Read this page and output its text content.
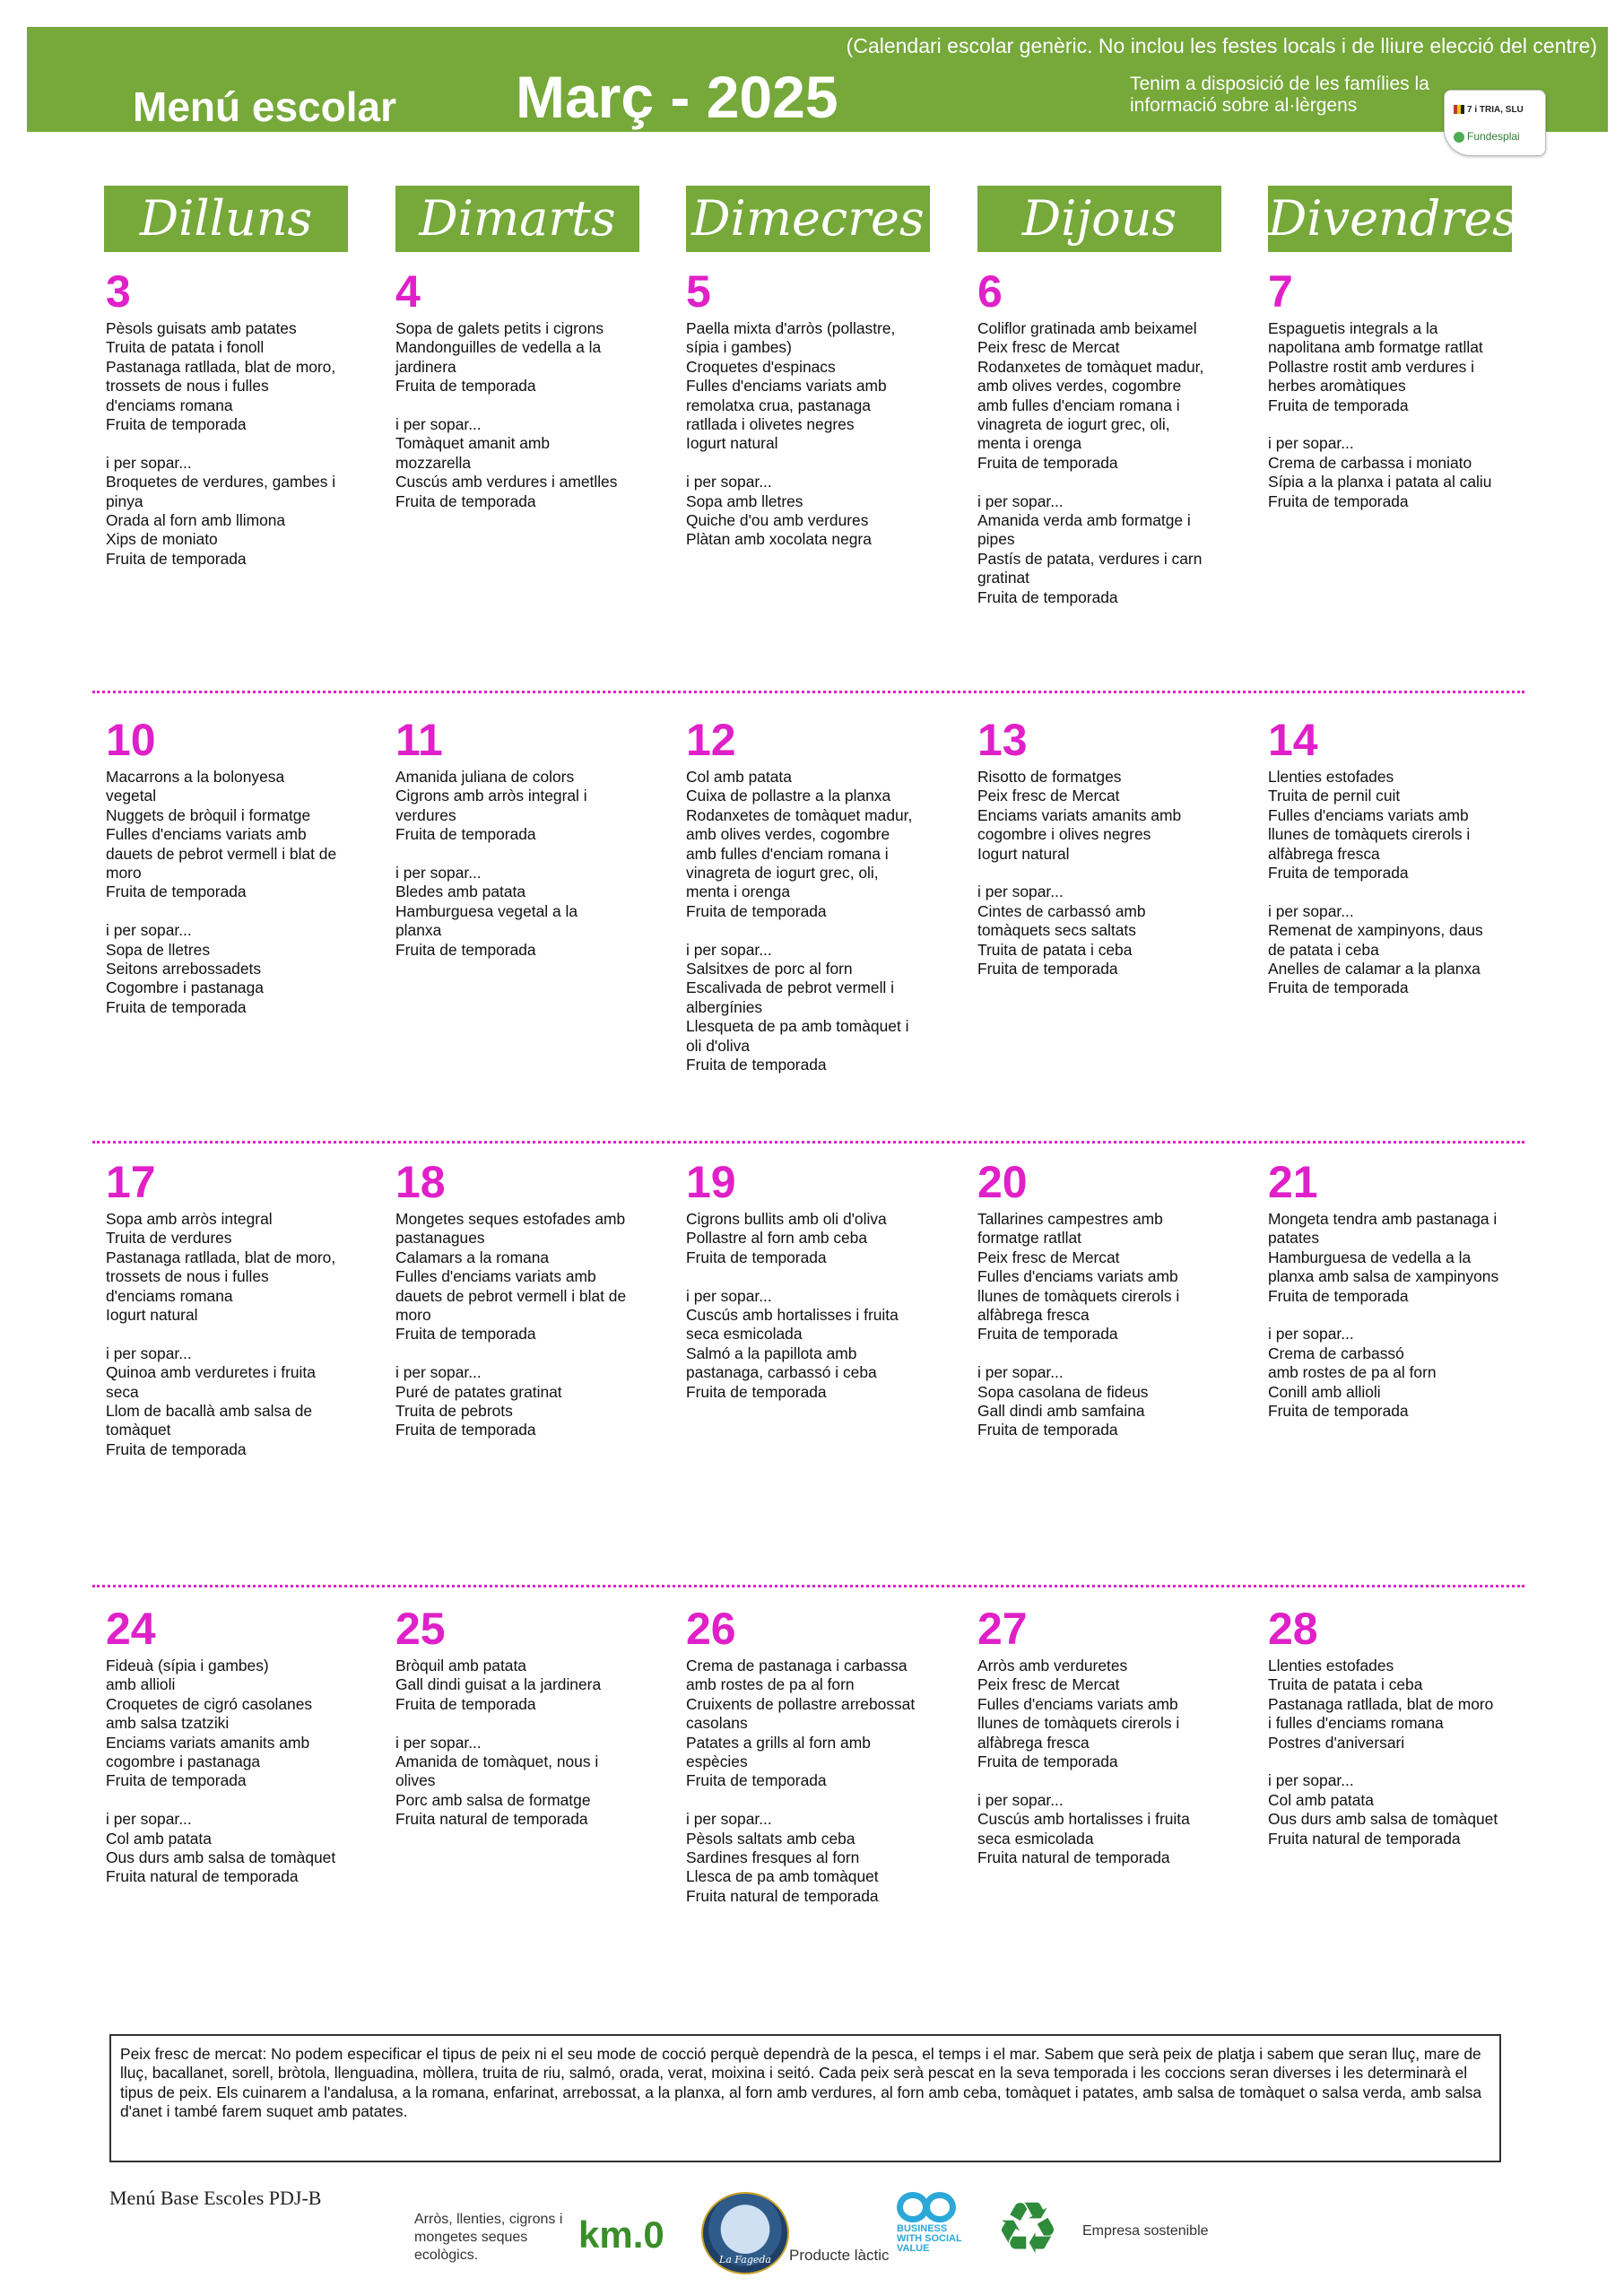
Menú escolar Març - 2025
(Calendari escolar genèric. No inclou les festes locals i de lliure elecció del centre)
Tenim a disposició de les famílies la informació sobre al·lèrgens	7 i TRIA, SLU
Fundesplai
Dilluns	Dimarts	Dimecres	Dijous	Divendres
3
Pèsols guisats amb patates
Truita de patata i fonoll
Pastanaga ratllada, blat de moro,
trossets de nous i fulles
d'enciams romana
Fruita de temporada
i per sopar...
Broquetes de verdures, gambes i
pinya
Orada al forn amb llimona
Xips de moniato
Fruita de temporada
4
Sopa de galets petits i cigrons
Mandonguilles de vedella a la
jardinera
Fruita de temporada
i per sopar...
Tomàquet amanit amb
mozzarella
Cuscús amb verdures i ametlles
Fruita de temporada
5
Paella mixta d'arròs (pollastre,
sípia i gambes)
Croquetes d'espinacs
Fulles d'enciams variats amb
remolatxa crua, pastanaga
ratllada i olivetes negres
Iogurt natural
i per sopar...
Sopa amb lletres
Quiche d'ou amb verdures
Plàtan amb xocolata negra
6
Coliflor gratinada amb beixamel
Peix fresc de Mercat
Rodanxetes de tomàquet madur,
amb olives verdes, cogombre
amb fulles d'enciam romana i
vinagreta de iogurt grec, oli,
menta i orenga
Fruita de temporada
i per sopar...
Amanida verda amb formatge i
pipes
Pastís de patata, verdures i carn
gratinat
Fruita de temporada
7
Espaguetis integrals a la
napolitana amb formatge ratllat
Pollastre rostit amb verdures i
herbes aromàtiques
Fruita de temporada
i per sopar...
Crema de carbassa i moniato
Sípia a la planxa i patata al caliu
Fruita de temporada
10
Macarrons a la bolonyesa
vegetal
Nuggets de bròquil i formatge
Fulles d'enciams variats amb
dauets de pebrot vermell i blat de
moro
Fruita de temporada
i per sopar...
Sopa de lletres
Seitons arrebossadets
Cogombre i pastanaga
Fruita de temporada
11
Amanida juliana de colors
Cigrons amb arròs integral i
verdures
Fruita de temporada
i per sopar...
Bledes amb patata
Hamburguesa vegetal a la
planxa
Fruita de temporada
12
Col amb patata
Cuixa de pollastre a la planxa
Rodanxetes de tomàquet madur,
amb olives verdes, cogombre
amb fulles d'enciam romana i
vinagreta de iogurt grec, oli,
menta i orenga
Fruita de temporada
i per sopar...
Salsitxes de porc al forn
Escalivada de pebrot vermell i
albergínies
Llesqueta de pa amb tomàquet i
oli d'oliva
Fruita de temporada
13
Risotto de formatges
Peix fresc de Mercat
Enciams variats amanits amb
cogombre i olives negres
Iogurt natural
i per sopar...
Cintes de carbassó amb
tomàquets secs saltats
Truita de patata i ceba
Fruita de temporada
14
Llenties estofades
Truita de pernil cuit
Fulles d'enciams variats amb
llunes de tomàquets cirerols i
alfàbrega fresca
Fruita de temporada
i per sopar...
Remenat de xampinyons, daus
de patata i ceba
Anelles de calamar a la planxa
Fruita de temporada
17
Sopa amb arròs integral
Truita de verdures
Pastanaga ratllada, blat de moro,
trossets de nous i fulles
d'enciams romana
Iogurt natural
i per sopar...
Quinoa amb verduretes i fruita
seca
Llom de bacallà amb salsa de
tomàquet
Fruita de temporada
18
Mongetes seques estofades amb
pastanagues
Calamars a la romana
Fulles d'enciams variats amb
dauets de pebrot vermell i blat de
moro
Fruita de temporada
i per sopar...
Puré de patates gratinat
Truita de pebrots
Fruita de temporada
19
Cigrons bullits amb oli d'oliva
Pollastre al forn amb ceba
Fruita de temporada
i per sopar...
Cuscús amb hortalisses i fruita
seca esmicolada
Salmó a la papillota amb
pastanaga, carbassó i ceba
Fruita de temporada
20
Tallarines campestres amb
formatge ratllat
Peix fresc de Mercat
Fulles d'enciams variats amb
llunes de tomàquets cirerols i
alfàbrega fresca
Fruita de temporada
i per sopar...
Sopa casolana de fideus
Gall dindi amb samfaina
Fruita de temporada
21
Mongeta tendra amb pastanaga i
patates
Hamburguesa de vedella a la
planxa amb salsa de xampinyons
Fruita de temporada
i per sopar...
Crema de carbassó
amb rostes de pa al forn
Conill amb allioli
Fruita de temporada
24
Fideuà (sípia i gambes)
amb allioli
Croquetes de cigró casolanes
amb salsa tzatziki
Enciams variats amanits amb
cogombre i pastanaga
Fruita de temporada
i per sopar...
Col amb patata
Ous durs amb salsa de tomàquet
Fruita natural de temporada
25
Bròquil amb patata
Gall dindi guisat a la jardinera
Fruita de temporada
i per sopar...
Amanida de tomàquet, nous i
olives
Porc amb salsa de formatge
Fruita natural de temporada
26
Crema de pastanaga i carbassa
amb rostes de pa al forn
Cruixents de pollastre arrebossat
casolans
Patates a grills al forn amb
espècies
Fruita de temporada
i per sopar...
Pèsols saltats amb ceba
Sardines fresques al forn
Llesca de pa amb tomàquet
Fruita natural de temporada
27
Arròs amb verduretes
Peix fresc de Mercat
Fulles d'enciams variats amb
llunes de tomàquets cirerols i
alfàbrega fresca
Fruita de temporada
i per sopar...
Cuscús amb hortalisses i fruita
seca esmicolada
Fruita natural de temporada
28
Llenties estofades
Truita de patata i ceba
Pastanaga ratllada, blat de moro
i fulles d'enciams romana
Postres d'aniversari
i per sopar...
Col amb patata
Ous durs amb salsa de tomàquet
Fruita natural de temporada
Peix fresc de mercat: No podem especificar el tipus de peix ni el seu mode de cocció perquè dependrà de la pesca, el temps i el mar. Sabem que serà peix de platja i sabem que seran lluç, mare de lluç, bacallanet, sorell, bròtola, llenguadina, mòllera, truita de riu, salmó, orada, verat, moixina i seitó. Cada peix serà pescat en la seva temporada i les coccions seran diverses i les determinarà el tipus de peix. Els cuinarem a l'andalusa, a la romana, enfarinat, arrebossat, a la planxa, al forn amb verdures, al forn amb ceba, tomàquet i patates, amb salsa de tomàquet o salsa verda, amb salsa d'anet i també farem suquet amb patates.
Menú Base Escoles PDJ-B
Arròs, llenties, cigrons i mongetes seques ecològics.	km.0
La Fageda	Producte làctic
BUSINESS WITH SOCIAL VALUE ♻ Empresa sostenible
